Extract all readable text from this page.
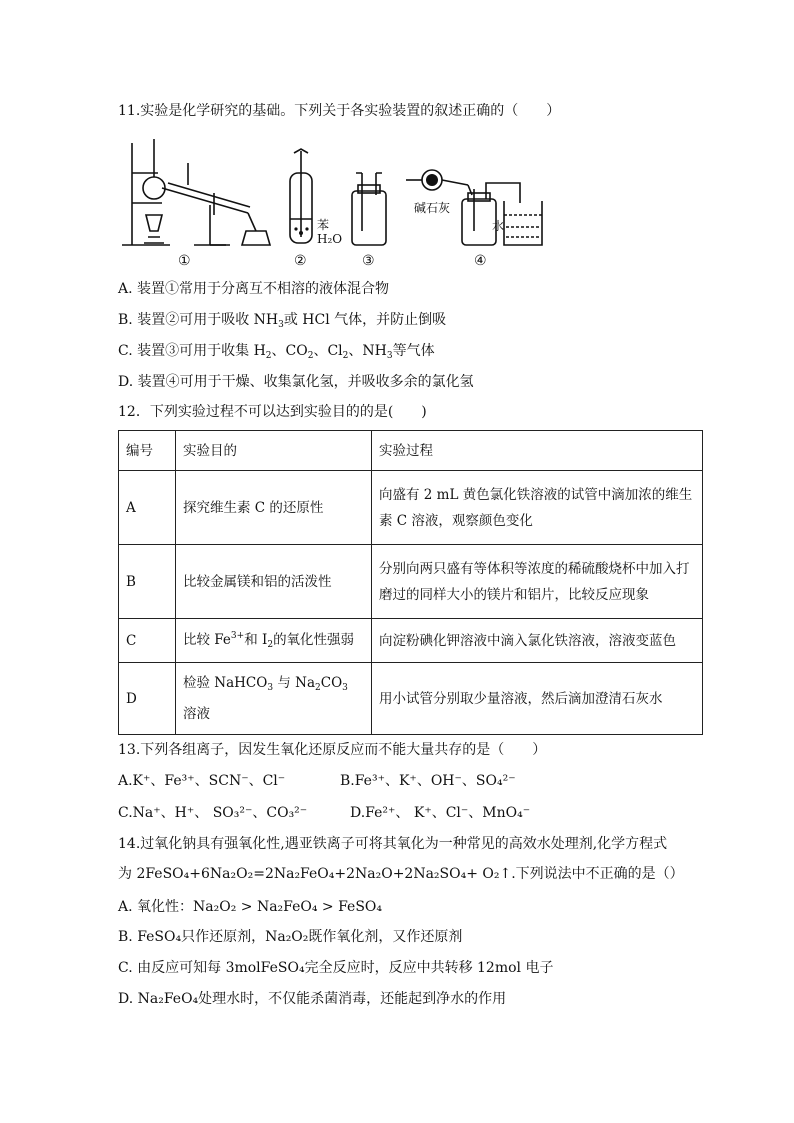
11.实验是化学研究的基础。下列关于各实验装置的叙述正确的（　　）
苯
H₂O
碱石灰
水
①	②	③	④
A. 装置①常用于分离互不相溶的液体混合物
B. 装置②可用于吸收 $NH_3$或 HCl 气体，并防止倒吸
C. 装置③可用于收集 $H_2$、$CO_2$、$Cl_2$、$NH_3$等气体
D. 装置④可用于干燥、收集氯化氢，并吸收多余的氯化氢
12．下列实验过程不可以达到实验目的的是(　　)
编号	实验目的	实验过程
A	探究维生素 C 的还原性	向盛有 2 mL 黄色氯化铁溶液的试管中滴加浓的维生素 C 溶液，观察颜色变化
B	比较金属镁和铝的活泼性	分别向两只盛有等体积等浓度的稀硫酸烧杯中加入打磨过的同样大小的镁片和铝片，比较反应现象
C	比较 $Fe^{3+}$和 $I_2$的氧化性强弱	向淀粉碘化钾溶液中滴入氯化铁溶液，溶液变蓝色
D	检验 NaHCO$_3$ 与 $Na_2CO_3$ 溶液	用小试管分别取少量溶液，然后滴加澄清石灰水
13.下列各组离子，因发生氧化还原反应而不能大量共存的是（　　）
A.K⁺、Fe³⁺、SCN⁻、Cl⁻	B.Fe³⁺、K⁺、OH⁻、SO₄²⁻
C.Na⁺、H⁺、 SO₃²⁻、CO₃²⁻	D.Fe²⁺、 K⁺、Cl⁻、MnO₄⁻
14.过氧化钠具有强氧化性,遇亚铁离子可将其氧化为一种常见的高效水处理剂,化学方程式
为 2FeSO₄+6Na₂O₂=2Na₂FeO₄+2Na₂O+2Na₂SO₄+ O₂↑.下列说法中不正确的是（）
A. 氧化性：Na₂O₂ > Na₂FeO₄ > FeSO₄
B. FeSO₄只作还原剂，Na₂O₂既作氧化剂，又作还原剂
C. 由反应可知每 3molFeSO₄完全反应时，反应中共转移 12mol 电子
D. Na₂FeO₄处理水时，不仅能杀菌消毒，还能起到净水的作用
